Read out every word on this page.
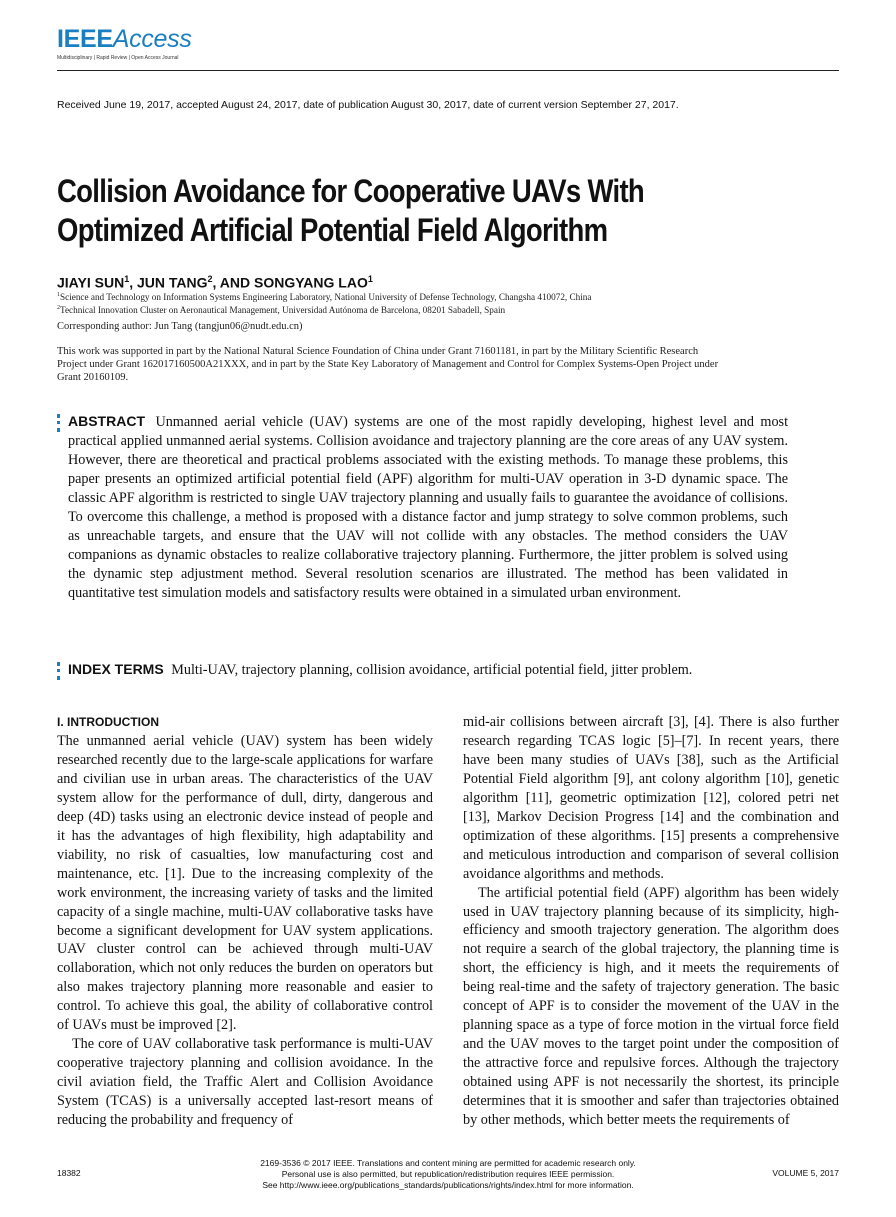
IEEEAccess
Multidisciplinary | Rapid Review | Open Access Journal
Received June 19, 2017, accepted August 24, 2017, date of publication August 30, 2017, date of current version September 27, 2017.
Collision Avoidance for Cooperative UAVs With
Optimized Artificial Potential Field Algorithm
JIAYI SUN$^1$, JUN TANG$^2$, AND SONGYANG LAO$^1$
$^1$Science and Technology on Information Systems Engineering Laboratory, National University of Defense Technology, Changsha 410072, China
$^2$Technical Innovation Cluster on Aeronautical Management, Universidad Autónoma de Barcelona, 08201 Sabadell, Spain
Corresponding author: Jun Tang (tangjun06@nudt.edu.cn)
This work was supported in part by the National Natural Science Foundation of China under Grant 71601181, in part by the Military Scientific Research Project under Grant 162017160500A21XXX, and in part by the State Key Laboratory of Management and Control for Complex Systems-Open Project under Grant 20160109.
ABSTRACT Unmanned aerial vehicle (UAV) systems are one of the most rapidly developing, highest level and most practical applied unmanned aerial systems. Collision avoidance and trajectory planning are the core areas of any UAV system. However, there are theoretical and practical problems associated with the existing methods. To manage these problems, this paper presents an optimized artificial potential field (APF) algorithm for multi-UAV operation in 3-D dynamic space. The classic APF algorithm is restricted to single UAV trajectory planning and usually fails to guarantee the avoidance of collisions. To overcome this challenge, a method is proposed with a distance factor and jump strategy to solve common problems, such as unreachable targets, and ensure that the UAV will not collide with any obstacles. The method considers the UAV companions as dynamic obstacles to realize collaborative trajectory planning. Furthermore, the jitter problem is solved using the dynamic step adjustment method. Several resolution scenarios are illustrated. The method has been validated in quantitative test simulation models and satisfactory results were obtained in a simulated urban environment.
INDEX TERMS Multi-UAV, trajectory planning, collision avoidance, artificial potential field, jitter problem.
I. INTRODUCTION

The unmanned aerial vehicle (UAV) system has been widely researched recently due to the large-scale applications for warfare and civilian use in urban areas. The characteristics of the UAV system allow for the performance of dull, dirty, dangerous and deep (4D) tasks using an electronic device instead of people and it has the advantages of high flexibility, high adaptability and viability, no risk of casualties, low manufacturing cost and maintenance, etc. [1]. Due to the increasing complexity of the work environment, the increasing variety of tasks and the limited capacity of a single machine, multi-UAV collaborative tasks have become a significant development for UAV system applications. UAV cluster control can be achieved through multi-UAV collaboration, which not only reduces the burden on operators but also makes trajectory planning more reasonable and easier to control. To achieve this goal, the ability of collaborative control of UAVs must be improved [2].

The core of UAV collaborative task performance is multi-UAV cooperative trajectory planning and collision avoidance. In the civil aviation field, the Traffic Alert and Collision Avoidance System (TCAS) is a universally accepted last-resort means of reducing the probability and frequency of

mid-air collisions between aircraft [3], [4]. There is also further research regarding TCAS logic [5]–[7]. In recent years, there have been many studies of UAVs [38], such as the Artificial Potential Field algorithm [9], ant colony algorithm [10], genetic algorithm [11], geometric optimization [12], colored petri net [13], Markov Decision Progress [14] and the combination and optimization of these algorithms. [15] presents a comprehensive and meticulous introduction and comparison of several collision avoidance algorithms and methods.

The artificial potential field (APF) algorithm has been widely used in UAV trajectory planning because of its simplicity, high-efficiency and smooth trajectory generation. The algorithm does not require a search of the global trajectory, the planning time is short, the efficiency is high, and it meets the requirements of being real-time and the safety of trajectory generation. The basic concept of APF is to consider the movement of the UAV in the planning space as a type of force motion in the virtual force field and the UAV moves to the target point under the composition of the attractive force and repulsive forces. Although the trajectory obtained using APF is not necessarily the shortest, its principle determines that it is smoother and safer than trajectories obtained by other methods, which better meets the requirements of

18382
2169-3536 © 2017 IEEE. Translations and content mining are permitted for academic research only.
Personal use is also permitted, but republication/redistribution requires IEEE permission.
See http://www.ieee.org/publications_standards/publications/rights/index.html for more information.
VOLUME 5, 2017
